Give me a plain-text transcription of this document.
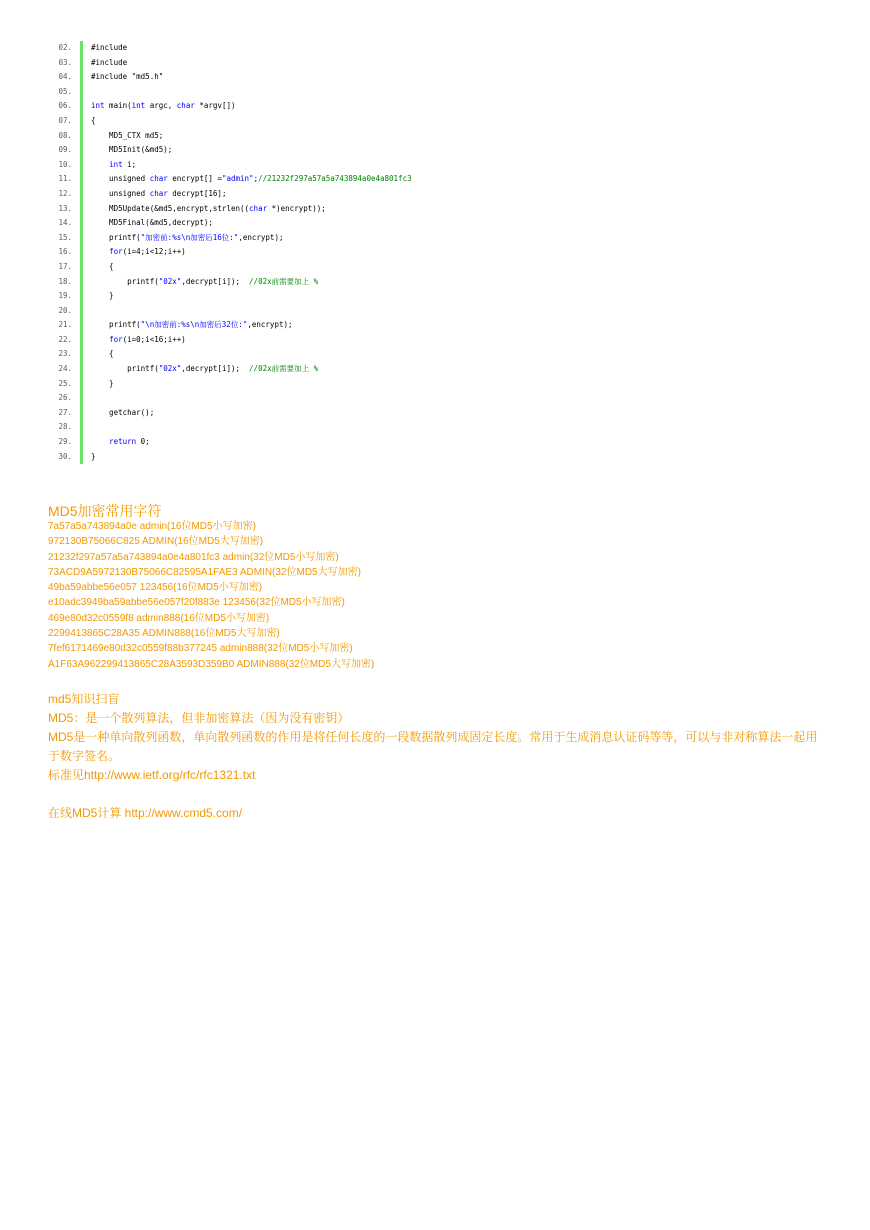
02.	#include
03.	#include
04.	#include "md5.h"
05.
06.	int main(int argc, char *argv[])
07.	{
08.	MD5_CTX md5;
09.	MD5Init(&md5);
10.	int i;
11.	unsigned char encrypt[] ="admin";//21232f297a57a5a743894a0e4a801fc3
12.	unsigned char decrypt[16];
13.	MD5Update(&md5,encrypt,strlen((char *)encrypt));
14.	MD5Final(&md5,decrypt);
15.	printf("加密前:%s\n加密后16位:",encrypt);
16.	for(i=4;i<12;i++)
17.	{
18.	printf("02x",decrypt[i]);  //02x前需要加上 %
19.	}
20.
21.	printf("\n加密前:%s\n加密后32位:",encrypt);
22.	for(i=0;i<16;i++)
23.	{
24.	printf("02x",decrypt[i]);  //02x前需要加上 %
25.	}
26.
27.	getchar();
28.
29.	return 0;
30.	}
MD5加密常用字符
7a57a5a743894a0e admin(16位MD5小写加密)
972130B75066C825 ADMIN(16位MD5大写加密)
21232f297a57a5a743894a0e4a801fc3 admin(32位MD5小写加密)
73ACD9A5972130B75066C82595A1FAE3 ADMIN(32位MD5大写加密)
49ba59abbe56e057 123456(16位MD5小写加密)
e10adc3949ba59abbe56e057f20f883e 123456(32位MD5小写加密)
469e80d32c0559f8 admin888(16位MD5小写加密)
2299413865C28A35 ADMIN888(16位MD5大写加密)
7fef6171469e80d32c0559f88b377245 admin888(32位MD5小写加密)
A1F63A962299413865C28A3593D359B0 ADMIN888(32位MD5大写加密)
md5知识扫盲
MD5：是一个散列算法，但非加密算法（因为没有密钥）
MD5是一种单向散列函数，单向散列函数的作用是将任何长度的一段数据散列成固定长度。常用于生成消息认证码等等，可以与非对称算法一起用于数字签名。
标准见http://www.ietf.org/rfc/rfc1321.txt
在线MD5计算 http://www.cmd5.com/
